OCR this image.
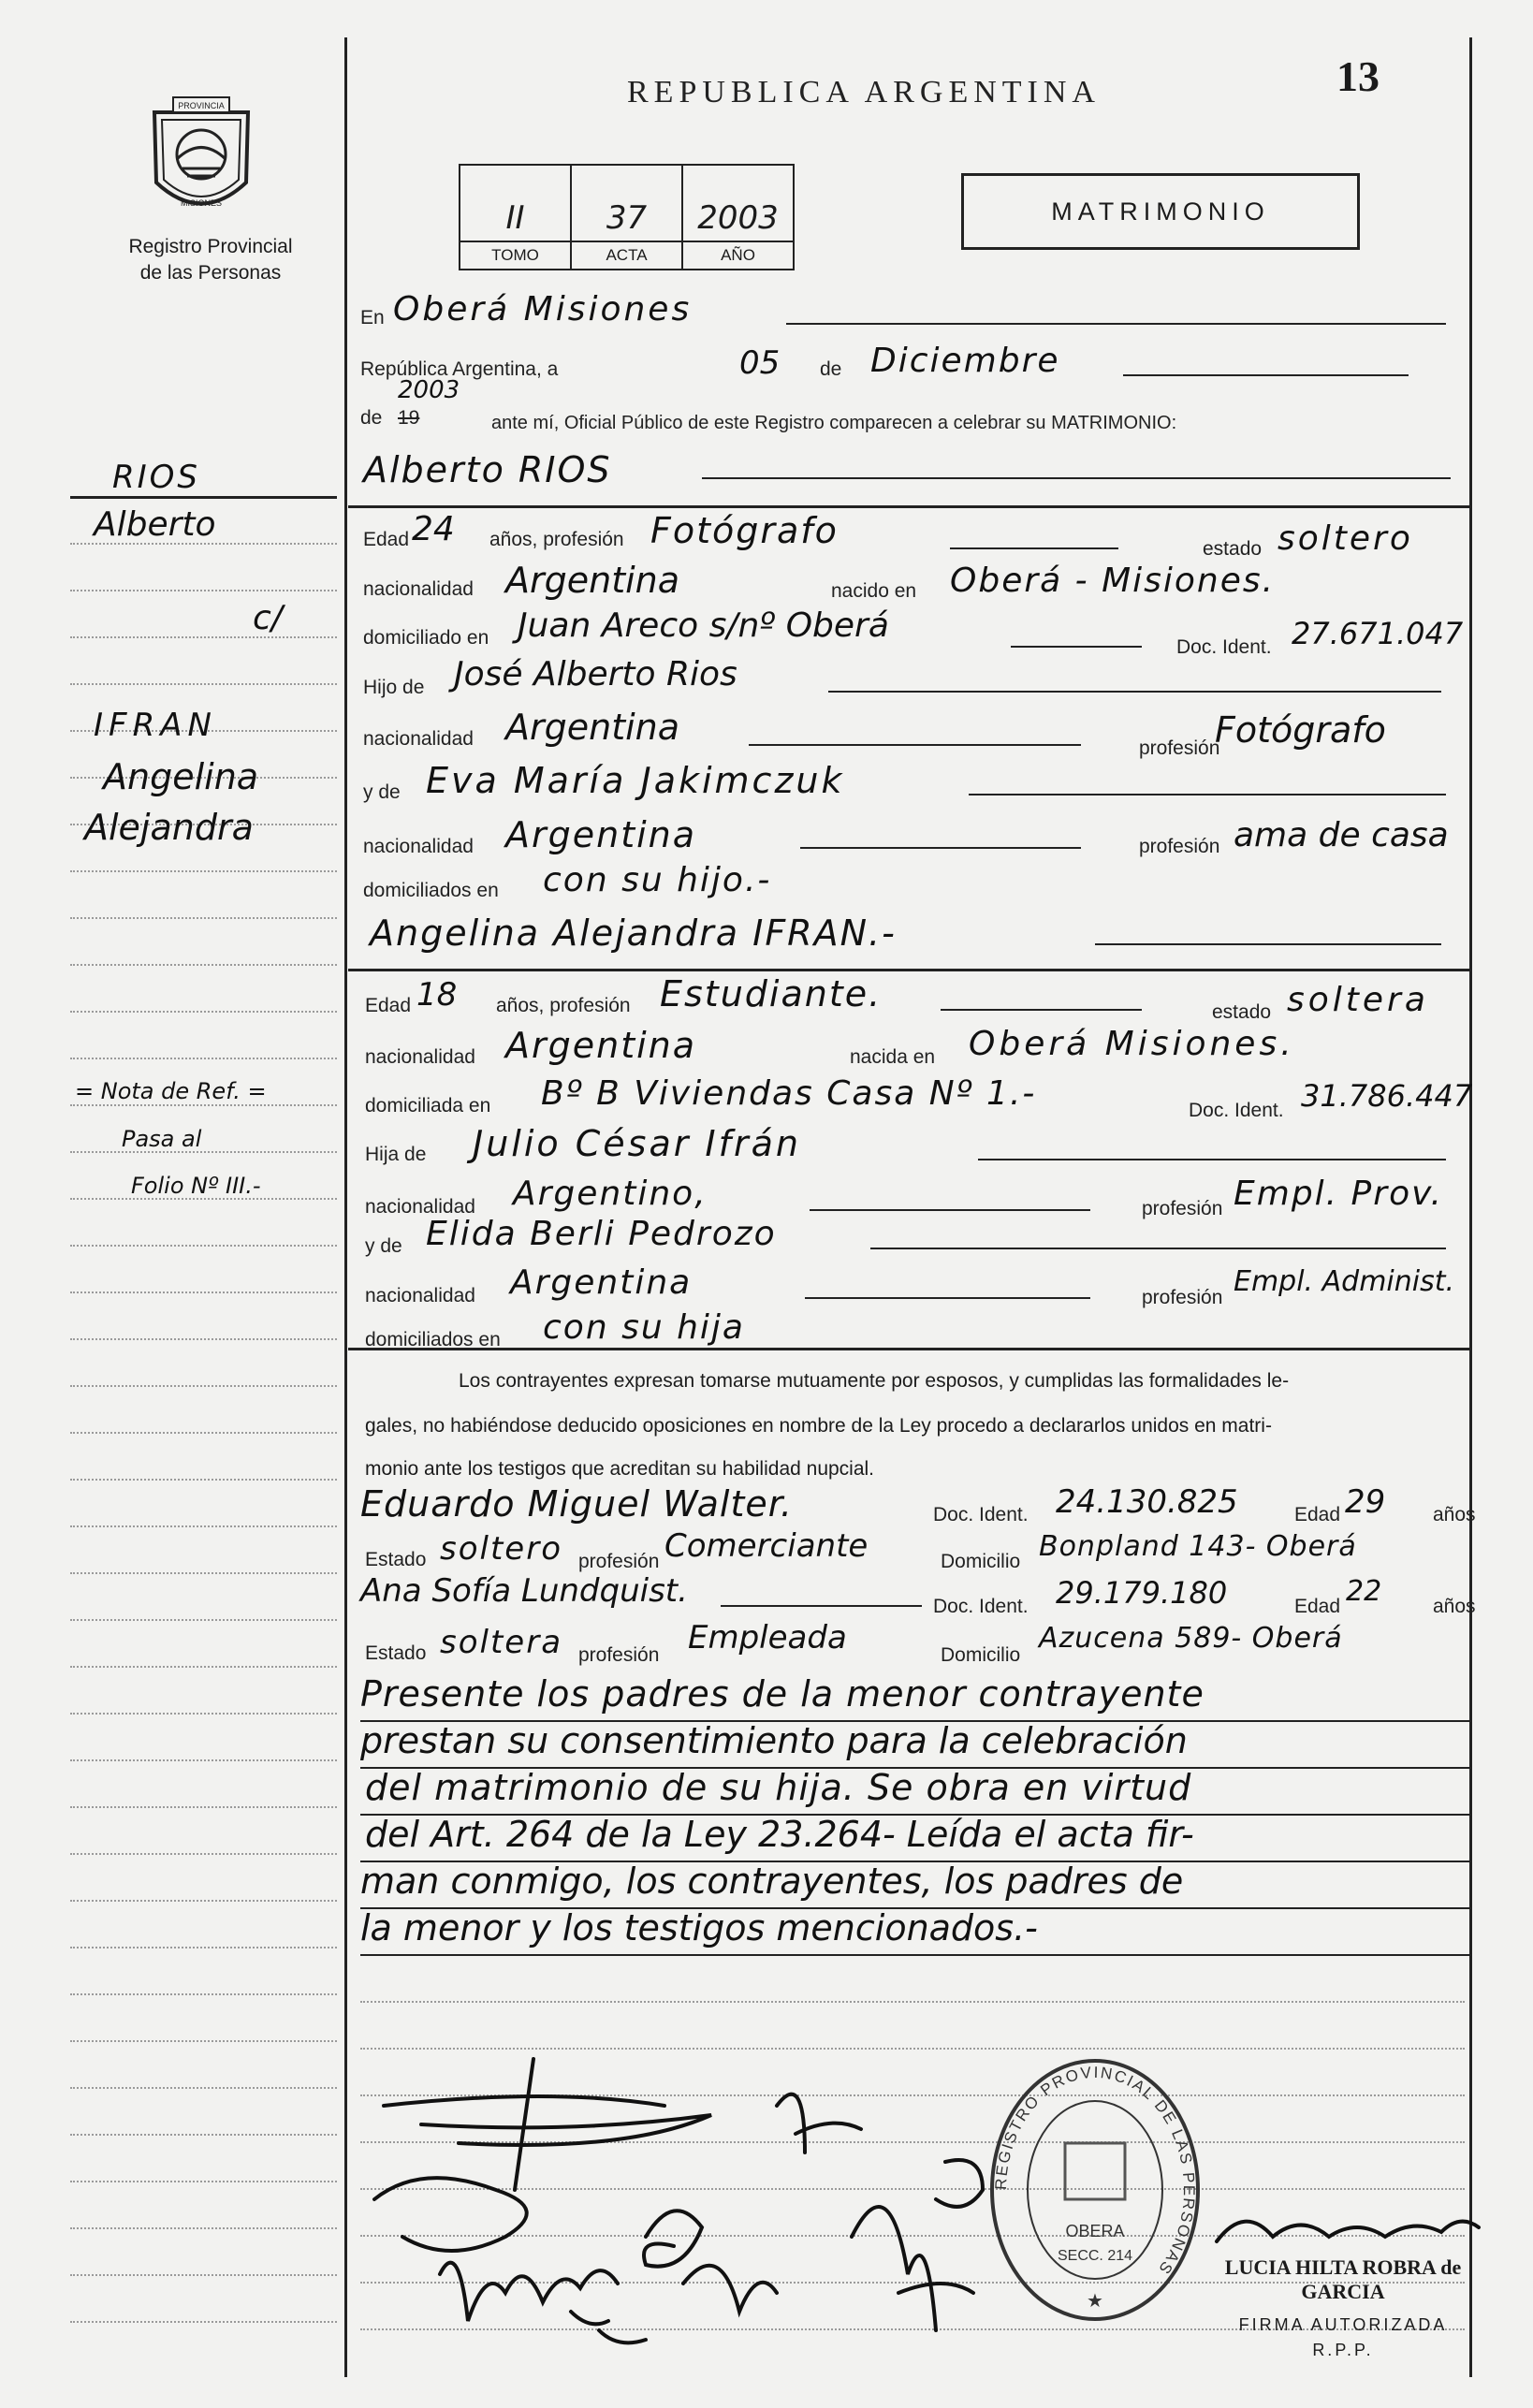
REPUBLICA ARGENTINA	13
PROVINCIA
MISIONES
Registro Provincial
de las Personas
II
TOMO
37
ACTA
2003
AÑO
MATRIMONIO
RIOS
Alberto
c/
IFRAN
Angelina
Alejandra
= Nota de Ref. =
Pasa al
Folio Nº III.-
En Oberá Misiones
República Argentina, a	05 de Diciembre
2003
de 19	ante mí, Oficial Público de este Registro comparecen a celebrar su MATRIMONIO:
Alberto RIOS
Edad 24 años, profesión Fotógrafo	estado soltero
nacionalidad Argentina	nacido en Oberá - Misiones.
domiciliado en Juan Areco s/nº Oberá
Doc. Ident. 27.671.047
Hijo de José Alberto Rios
nacionalidad Argentina
profesión
Fotógrafo
y de Eva María Jakimczuk
nacionalidad Argentina	profesión ama de casa
domiciliados en con su hijo.-
Angelina Alejandra IFRAN.-
Edad 18 años, profesión Estudiante.	estado soltera
nacionalidad Argentina	nacida en Oberá Misiones.
domiciliada en Bº B Viviendas Casa Nº 1.-	Doc. Ident. 31.786.447
Hija de Julio César Ifrán
nacionalidad Argentino,	profesión Empl. Prov.
y de Elida Berli Pedrozo
nacionalidad Argentina	profesión Empl. Administ.
domiciliados en con su hija
Los contrayentes expresan tomarse mutuamente por esposos, y cumplidas las formalidades le-
gales, no habiéndose deducido oposiciones en nombre de la Ley procedo a declararlos unidos en matri-
monio ante los testigos que acreditan su habilidad nupcial.
Eduardo Miguel Walter.	Doc. Ident. 24.130.825	Edad 29 años
Estado soltero profesión Comerciante	Domicilio Bonpland 143- Oberá
Ana Sofía Lundquist.	Doc. Ident. 29.179.180	Edad 22	años
Estado soltera profesión Empleada	Domicilio
Azucena 589- Oberá
Presente los padres de la menor contrayente
prestan su consentimiento para la celebración
del matrimonio de su hija. Se obra en virtud
del Art. 264 de la Ley 23.264- Leída el acta fir-
man conmigo, los contrayentes, los padres de
la menor y los testigos mencionados.-
REGISTRO PROVINCIAL DE LAS PERSONAS
OBERA
SECC. 214
★
LUCIA HILTA ROBRA de GARCIA
FIRMA AUTORIZADA
R.P.P.
